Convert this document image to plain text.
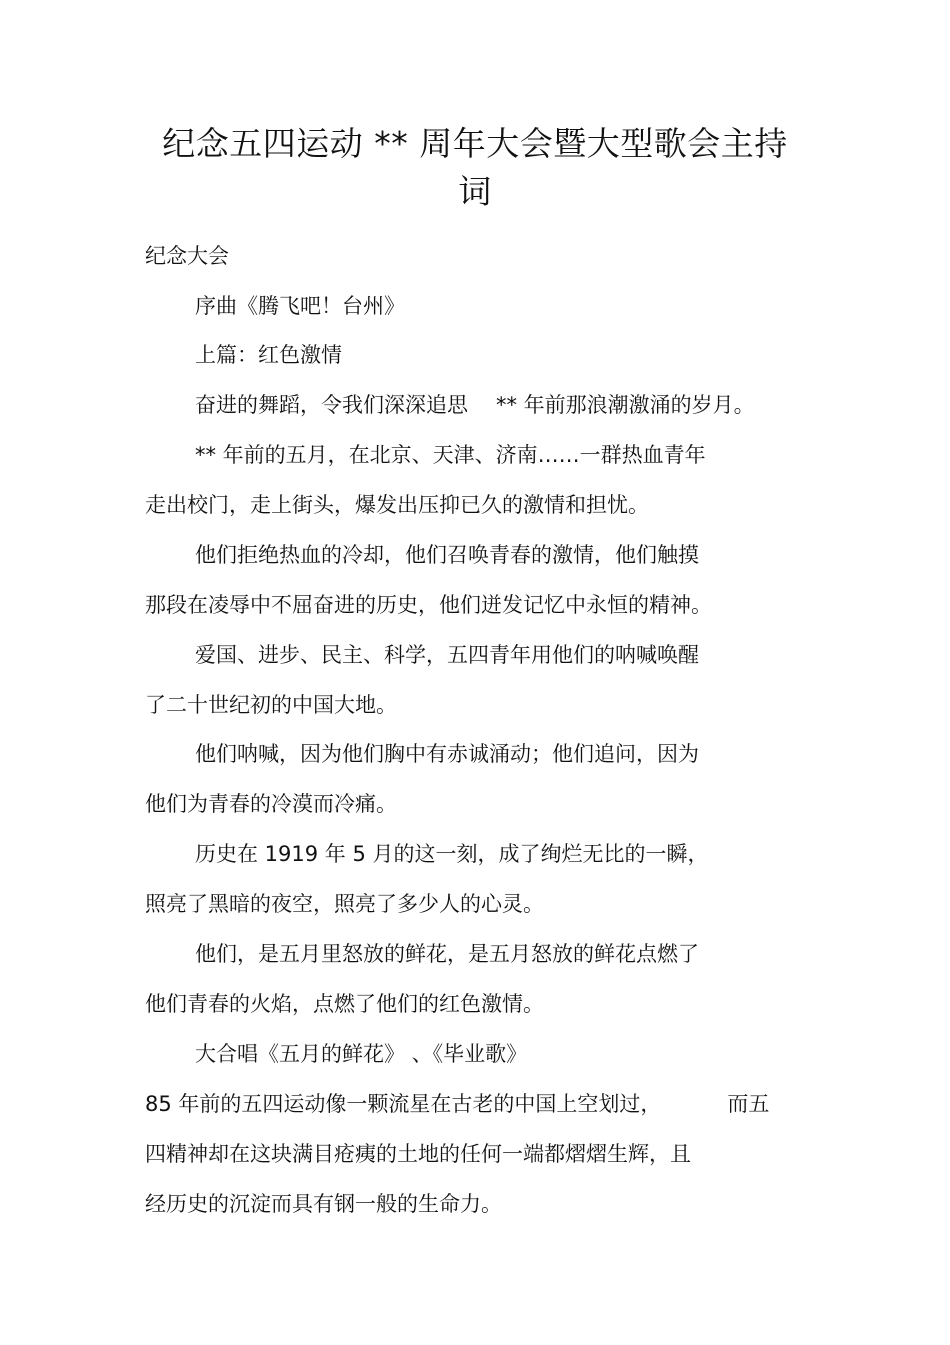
纪念五四运动 ** 周年大会暨大型歌会主持
词

纪念大会

序曲《腾飞吧！台州》

上篇：红色激情

奋进的舞蹈，令我们深深追思 ** 年前那浪潮激涌的岁月。

** 年前的五月，在北京、天津、济南……一群热血青年

走出校门，走上街头，爆发出压抑已久的激情和担忧。

他们拒绝热血的冷却，他们召唤青春的激情，他们触摸

那段在凌辱中不屈奋进的历史，他们迸发记忆中永恒的精神。

爱国、进步、民主、科学，五四青年用他们的呐喊唤醒

了二十世纪初的中国大地。

他们呐喊，因为他们胸中有赤诚涌动；他们追问，因为

他们为青春的冷漠而冷痛。

历史在 1919 年 5 月的这一刻，成了绚烂无比的一瞬，

照亮了黑暗的夜空，照亮了多少人的心灵。

他们，是五月里怒放的鲜花，是五月怒放的鲜花点燃了

他们青春的火焰，点燃了他们的红色激情。

大合唱《五月的鲜花》 、《毕业歌》

85 年前的五四运动像一颗流星在古老的中国上空划过，	而五

四精神却在这块满目疮痍的土地的任何一端都熠熠生辉，且

经历史的沉淀而具有钢一般的生命力。
